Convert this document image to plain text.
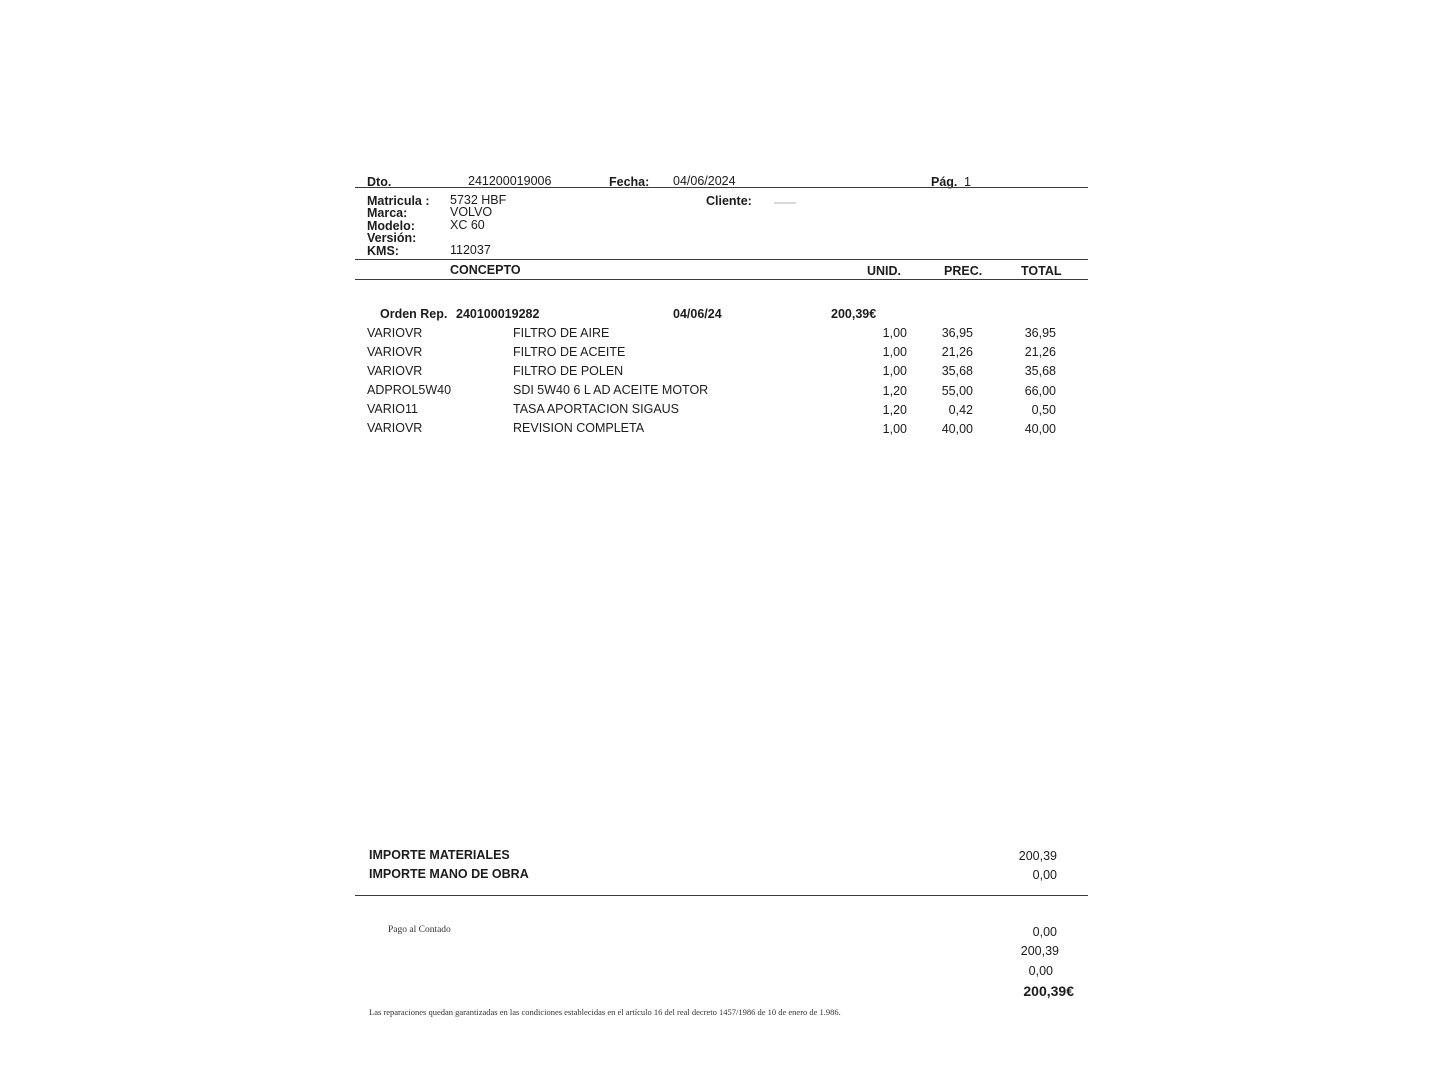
Dto.	241200019006	Fecha: 04/06/2024	Pág. 1
Matricula : 5732 HBF
Marca:	VOLVO
Modelo:	XC 60
Versión:
KMS:	112037
Cliente:
CONCEPTO	UNID.	PREC.	TOTAL
Orden Rep. 240100019282	04/06/24	200,39€
VARIOVR	FILTRO DE AIRE	1,00	36,95	36,95
VARIOVR	FILTRO DE ACEITE	1,00	21,26	21,26
VARIOVR	FILTRO DE POLEN	1,00	35,68	35,68
ADPROL5W40	SDI 5W40 6 L AD ACEITE MOTOR	1,20	55,00	66,00
VARIO11	TASA APORTACION SIGAUS	1,20	0,42	0,50
VARIOVR	REVISION COMPLETA	1,00	40,00	40,00
IMPORTE MATERIALES	200,39
IMPORTE MANO DE OBRA	0,00
Pago al Contado	0,00
200,39
0,00
200,39€
Las reparaciones quedan garantizadas en las condiciones establecidas en el artículo 16 del real decreto 1457/1986 de 10 de enero de 1.986.
